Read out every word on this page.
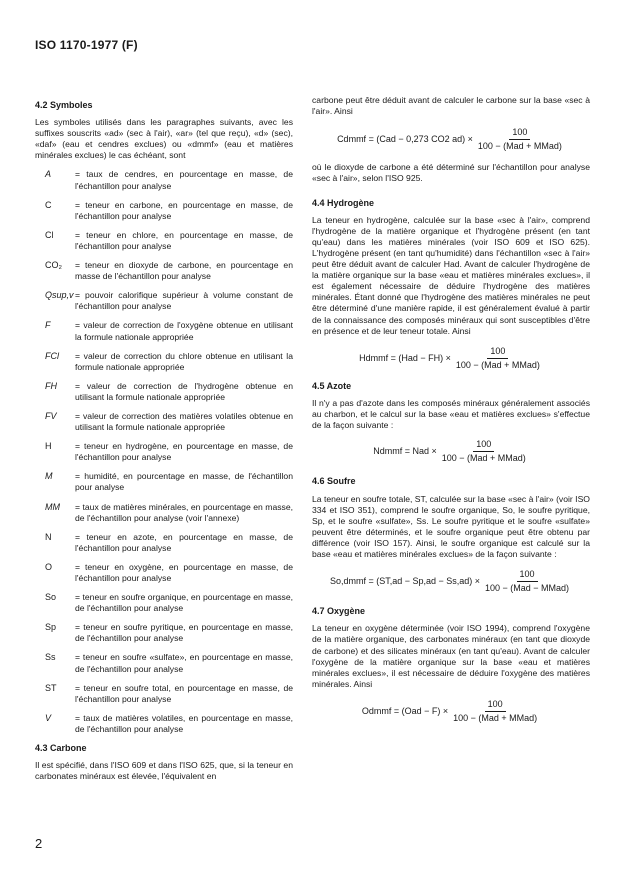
ISO 1170-1977 (F)
4.2 Symboles

Les symboles utilisés dans les paragraphes suivants, avec les suffixes souscrits «ad» (sec à l'air), «ar» (tel que reçu), «d» (sec), «daf» (eau et cendres exclues) ou «dmmf» (eau et matières minérales exclues) le cas échéant, sont

A	= taux de cendres, en pourcentage en masse, de l'échantillon pour analyse
C	= teneur en carbone, en pourcentage en masse, de l'échantillon pour analyse
Cl	= teneur en chlore, en pourcentage en masse, de l'échantillon pour analyse
CO₂	= teneur en dioxyde de carbone, en pourcentage en masse de l'échantillon pour analyse
Qsup,v = pouvoir calorifique supérieur à volume constant de l'échantillon pour analyse
F	= valeur de correction de l'oxygène obtenue en utilisant la formule nationale appropriée
FCl	= valeur de correction du chlore obtenue en utilisant la formule nationale appropriée
FH	= valeur de correction de l'hydrogène obtenue en utilisant la formule nationale appropriée
FV	= valeur de correction des matières volatiles obtenue en utilisant la formule nationale appropriée
H	= teneur en hydrogène, en pourcentage en masse, de l'échantillon pour analyse
M	= humidité, en pourcentage en masse, de l'échantillon pour analyse
MM	= taux de matières minérales, en pourcentage en masse, de l'échantillon pour analyse (voir l'annexe)
N	= teneur en azote, en pourcentage en masse, de l'échantillon pour analyse
O	= teneur en oxygène, en pourcentage en masse, de l'échantillon pour analyse
So	= teneur en soufre organique, en pourcentage en masse, de l'échantillon pour analyse
Sp	= teneur en soufre pyritique, en pourcentage en masse, de l'échantillon pour analyse
Ss	= teneur en soufre «sulfate», en pourcentage en masse, de l'échantillon pour analyse
ST	= teneur en soufre total, en pourcentage en masse, de l'échantillon pour analyse
V	= taux de matières volatiles, en pourcentage en masse, de l'échantillon pour analyse
4.3 Carbone

Il est spécifié, dans l'ISO 609 et dans l'ISO 625, que, si la teneur en carbonates minéraux est élevée, l'équivalent en

carbone peut être déduit avant de calculer le carbone sur la base «sec à l'air». Ainsi

Cdmmf = (Cad − 0,273 CO2 $ad) \times \frac{100}{\text{100 − (Mad + MMad)}}$

où le dioxyde de carbone a été déterminé sur l'échantillon pour analyse «sec à l'air», selon l'ISO 925.

4.4 Hydrogène

La teneur en hydrogène, calculée sur la base «sec à l'air», comprend l'hydrogène de la matière organique et l'hydrogène présent (en tant qu'eau) dans les matières minérales (voir ISO 609 et ISO 625). L'hydrogène présent (en tant qu'humidité) dans l'échantillon «sec à l'air» peut être déduit avant de calculer Had. Avant de calculer l'hydrogène de la matière organique sur la base «eau et matières minérales exclues», il est également nécessaire de déduire l'hydrogène des matières minérales. Étant donné que l'hydrogène des matières minérales ne peut être déterminé d'une manière rapide, il est généralement évalué à partir de la connaissance des composés minéraux qui sont susceptibles d'être en présence et de leur teneur totale. Ainsi

Hdmmf = $(Had - FH) \times \frac{100}{\text{100 − (Mad + MMad)}}$
4.5 Azote

Il n'y a pas d'azote dans les composés minéraux généralement associés au charbon, et le calcul sur la base «eau et matières exclues» s'effectue de la façon suivante :

Ndmmf = Nad × $\frac{100}{\text{100 − (Mad + MMad)}}$
4.6 Soufre

La teneur en soufre totale, ST, calculée sur la base «sec à l'air» (voir ISO 334 et ISO 351), comprend le soufre organique, So, le soufre pyritique, Sp, et le soufre «sulfate», Ss. Le soufre pyritique et le soufre «sulfate» peuvent être déterminés, et le soufre organique peut être obtenu par différence (voir ISO 157). Ainsi, le soufre organique est calculé sur la base «eau et matières minérales exclues» de la façon suivante :

So,dmmf = $(ST,ad - Sp,ad - Ss,ad) \times \frac{100}{\text{100 − (Mad − MMad)}}$
4.7 Oxygène

La teneur en oxygène déterminée (voir ISO 1994), comprend l'oxygène de la matière organique, des carbonates minéraux (en tant que dioxyde de carbone) et des silicates minéraux (en tant qu'eau). Avant de calculer l'oxygène de la matière organique sur la base «eau et matières minérales exclues», il est nécessaire de déduire l'oxygène des matières minérales. Ainsi

Odmmf = $(Oad - F) \times \frac{100}{\text{100 − (Mad + MMad)}}$
2
